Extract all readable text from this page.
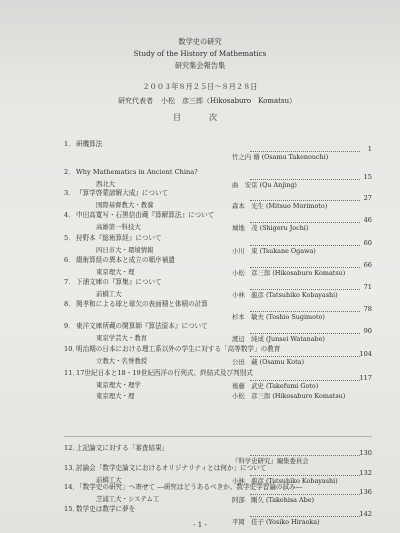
数学史の研究
Study of the History of Mathematics
研究集会報告集
２００３年８月２５日～８月２８日
研究代表者 小松　彦三郎（Hikosaburo　Komatsu）
目　次
1．研機算法
1
竹之内 脩 (Osamu Takenouchi)
2．Why Mathematics in Ancient China?
15
曲　安京 (Qu Anjing)
西北大
3．『算学啓蒙諺解大成』について
27
森本　光生 (Mitsuo Morimoto)
国際基督教大・教養
4．中田高寛写・石黒信由蔵『算解算法』について
46
城地　茂 (Shigeru Jochi)
高雄第一科技大
5．狩野本『総術算経』について
60
小川　束 (Tsukane Ogawa)
四日市大・環境情報
6．綴術算経の異本と成立の順序補遺
66
小松　彦三郎 (Hikosaburo Komatsu)
東京理大・理
7．下浦文庫の『算集』について
71
小林　龍彦 (Tatsuhiko Kobayashi)
前橋工大
8．関孝和による球と球欠の表面積と体積の計算
78
杉本　敏夫 (Toshio Sugimoto)
9．東洋文庫所蔵の閑算師『算法原本』について
90
渡辺　純成 (Junsei Watanabe)
東京学芸大・教育
10．明治期の日本における理工系以外の学生に対する「高等数学」の教育
104
公田　蔵 (Osamu Kota)
立教大・名誉教授
11．17世紀日本と18・19世紀西洋の行列式、終結式及び判別式
117
後藤　武史 (Takefumi Goto)
東京理大・理学
小松　彦三郎 (Hikosaburo Komatsu)
東京理大・理
12．上記論文に対する「審査結果」
130
『科学史研究』編集委員会
13．討論会「数学史論文におけるオリジナリティとは何か」について
132
小林　龍彦 (Tatsuhiko Kobayashi)
前橋工大
14．「数学史の研究」へ寄せて ―研究はどうあるべきか、数学史学習論の試み―
136
阿部　剛久 (Takehisa Abe)
芝浦工大・システム工
15．数学史は数学に夢を
142
平岡　佳子 (Yosiko Hiraoka)
- 1 -
